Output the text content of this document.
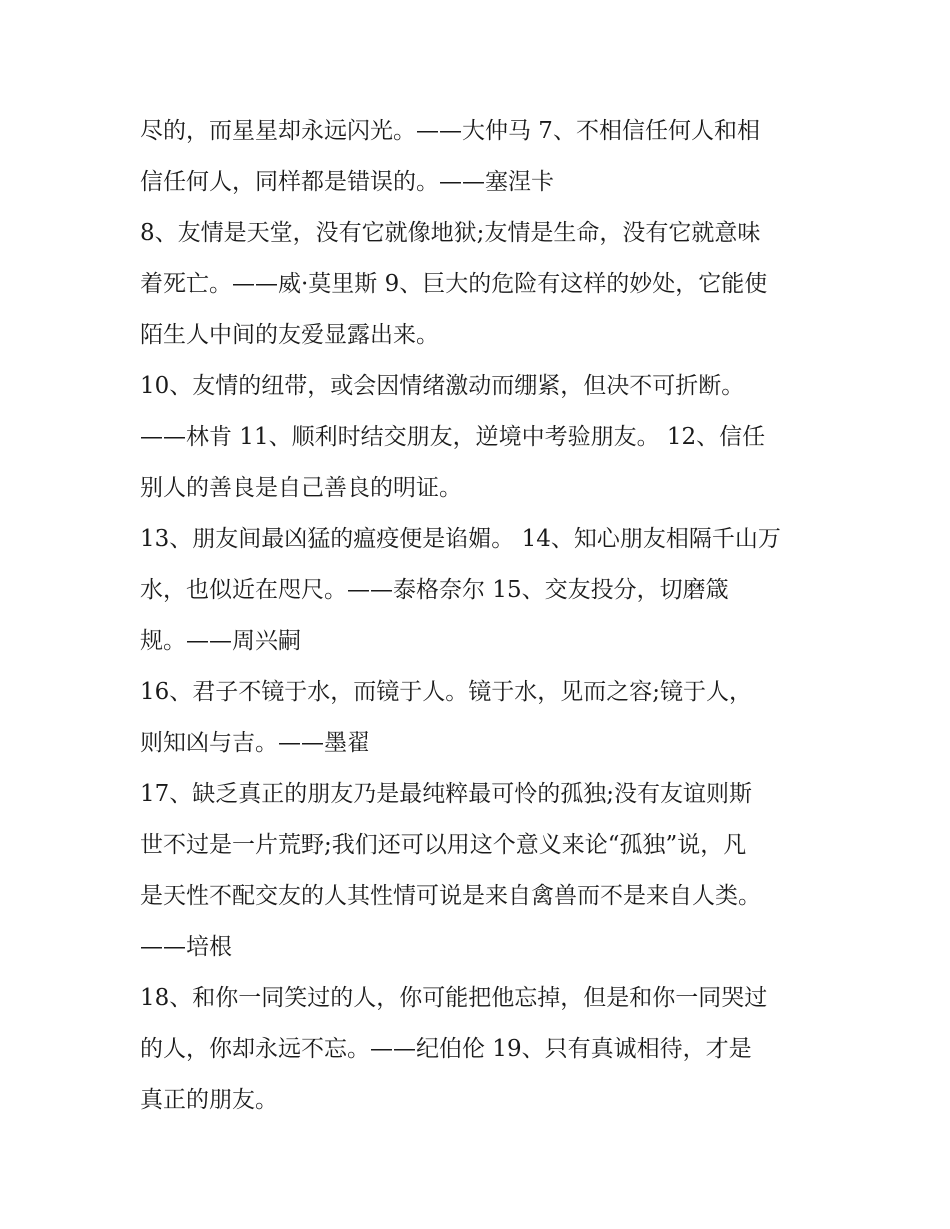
尽的，而星星却永远闪光。——大仲马 7、不相信任何人和相
信任何人，同样都是错误的。——塞涅卡
8、友情是天堂，没有它就像地狱;友情是生命，没有它就意味
着死亡。——威·莫里斯 9、巨大的危险有这样的妙处，它能使
陌生人中间的友爱显露出来。
10、友情的纽带，或会因情绪激动而绷紧，但决不可折断。
——林肯 11、顺利时结交朋友，逆境中考验朋友。 12、信任
别人的善良是自己善良的明证。
13、朋友间最凶猛的瘟疫便是谄媚。 14、知心朋友相隔千山万
水，也似近在咫尺。——泰格奈尔 15、交友投分，切磨箴
规。——周兴嗣
16、君子不镜于水，而镜于人。镜于水，见而之容;镜于人，
则知凶与吉。——墨翟
17、缺乏真正的朋友乃是最纯粹最可怜的孤独;没有友谊则斯
世不过是一片荒野;我们还可以用这个意义来论“孤独”说，凡
是天性不配交友的人其性情可说是来自禽兽而不是来自人类。
——培根
18、和你一同笑过的人，你可能把他忘掉，但是和你一同哭过
的人，你却永远不忘。——纪伯伦 19、只有真诚相待，才是
真正的朋友。
